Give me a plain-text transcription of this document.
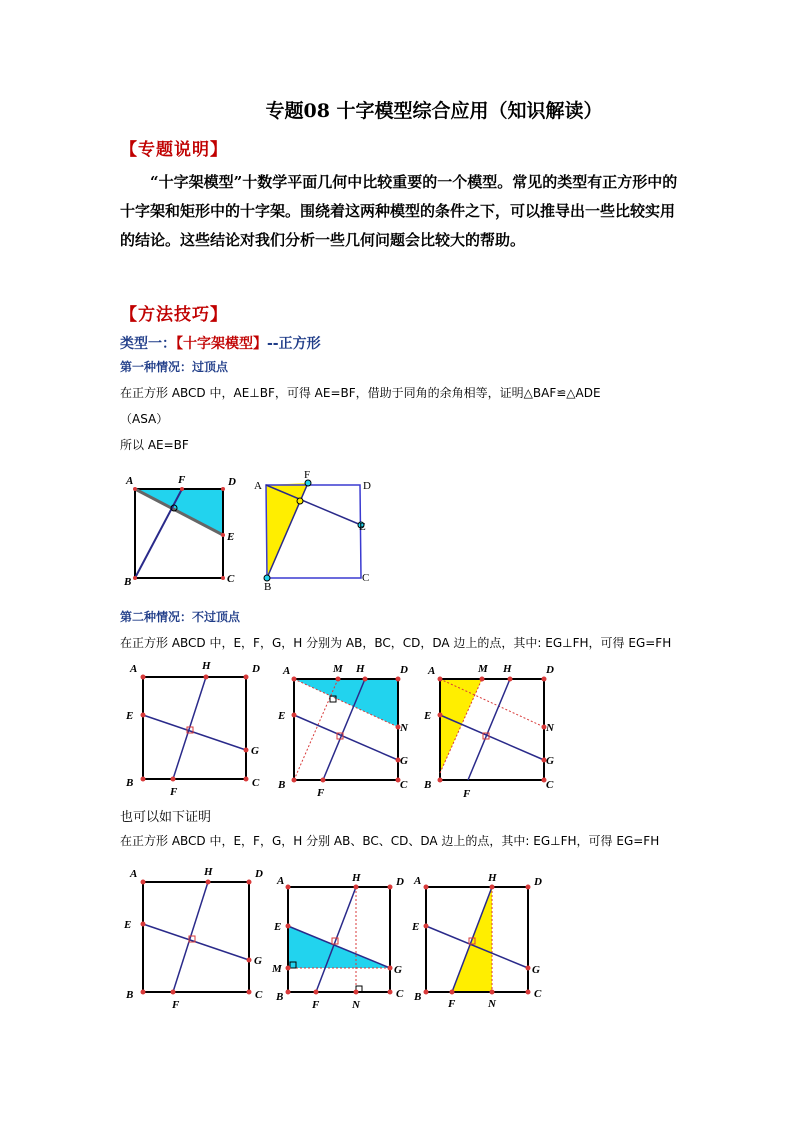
专题08 十字模型综合应用（知识解读）
【专题说明】
“十字架模型”十数学平面几何中比较重要的一个模型。常见的类型有正方形中的十字架和矩形中的十字架。围绕着这两种模型的条件之下，可以推导出一些比较实用的结论。这些结论对我们分析一些几何问题会比较大的帮助。
【方法技巧】
类型一：【十字架模型】--正方形
第一种情况：过顶点
在正方形 ABCD 中，AE⊥BF，可得 AE=BF，借助于同角的余角相等，证明△BAF≌△ADE
（ASA）
所以 AE=BF
A	F	D
E
B	C
A
F
D
E
B
C
第二种情况：不过顶点
在正方形 ABCD 中，E，F，G，H 分别为 AB，BC，CD，DA 边上的点，其中: EG⊥FH，可得 EG=FH
A	H	D
E
G
B
F
C
A	M H	D
E
N
G
B
F
C
A	M H	D
E
N
G
B
F
C
也可以如下证明
在正方形 ABCD 中，E，F，G，H 分别 AB、BC、CD、DA 边上的点，其中: EG⊥FH，可得 EG=FH
A	H	D
E
G
B
F
C
A	H	D
E
M	G
B
F	N
C
A	H	D
E
G
B
F	N
C
